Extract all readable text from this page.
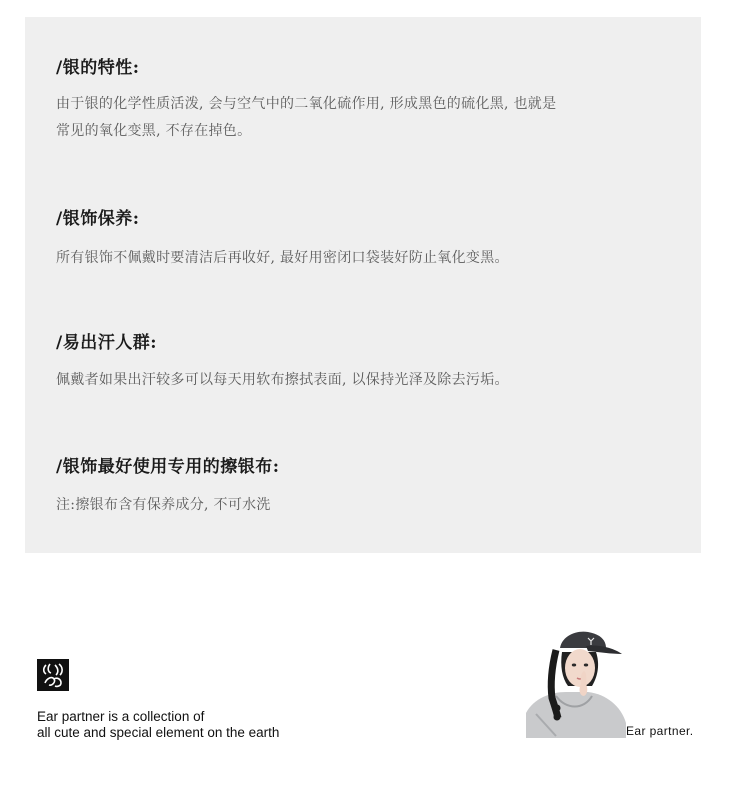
/银的特性:

由于银的化学性质活泼, 会与空气中的二氧化硫作用, 形成黑色的硫化黑, 也就是

常见的氧化变黑, 不存在掉色。

/银饰保养:

所有银饰不佩戴时要清洁后再收好, 最好用密闭口袋装好防止氧化变黑。

/易出汗人群:

佩戴者如果出汗较多可以每天用软布擦拭表面, 以保持光泽及除去污垢。

/银饰最好使用专用的擦银布:

注:擦银布含有保养成分, 不可水洗

Ear partner is a collection of
all cute and special element on the earth	Ear partner.
